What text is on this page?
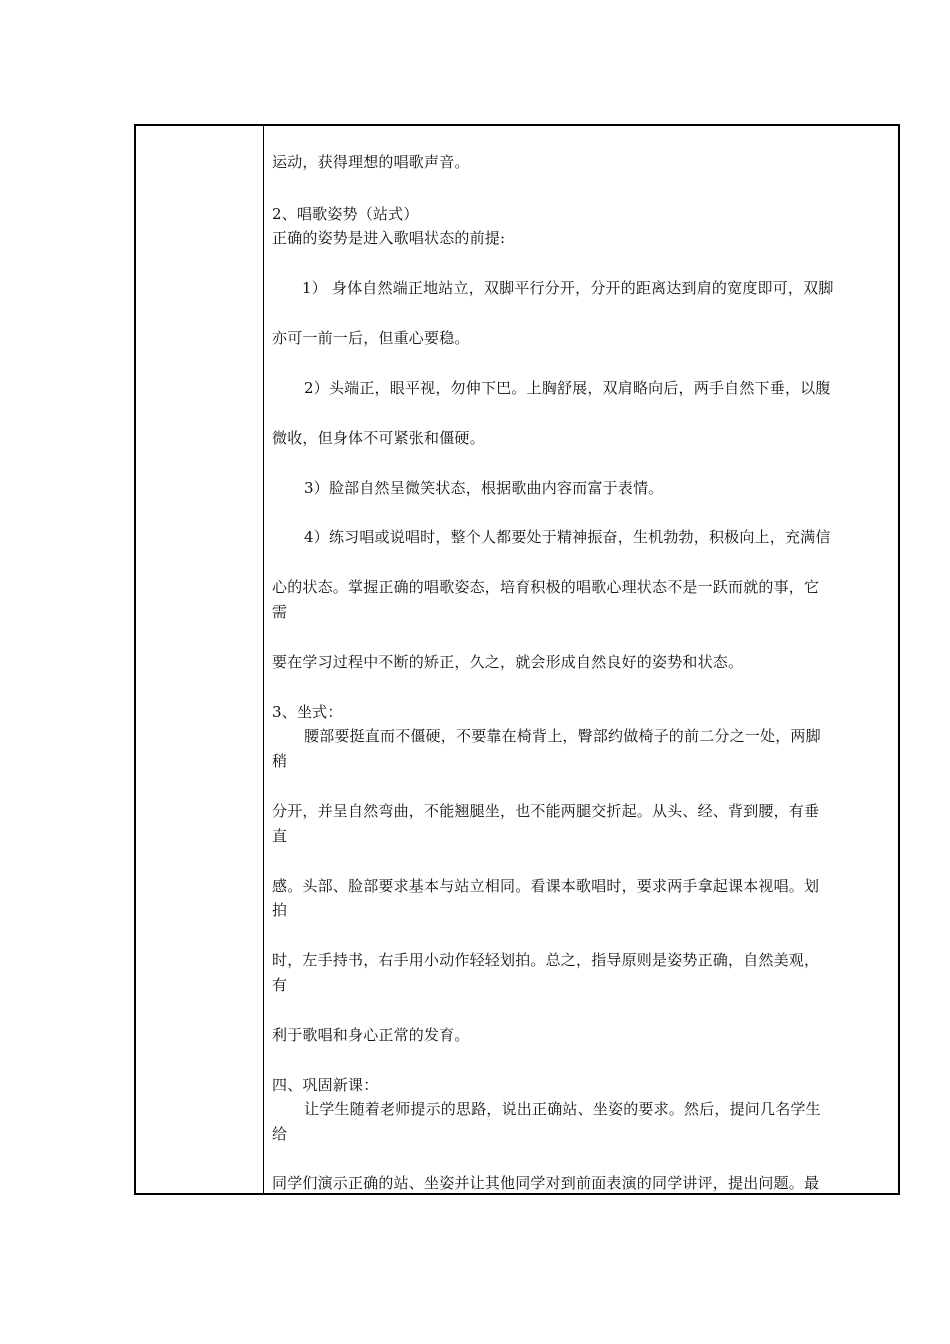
运动，获得理想的唱歌声音。
2、唱歌姿势（站式）
正确的姿势是进入歌唱状态的前提:
1） 身体自然端正地站立，双脚平行分开，分开的距离达到肩的宽度即可，双脚
亦可一前一后，但重心要稳。
2）头端正，眼平视，勿伸下巴。上胸舒展，双肩略向后，两手自然下垂，以腹
微收，但身体不可紧张和僵硬。
3）脸部自然呈微笑状态，根据歌曲内容而富于表情。
4）练习唱或说唱时，整个人都要处于精神振奋，生机勃勃，积极向上，充满信
心的状态。掌握正确的唱歌姿态，培育积极的唱歌心理状态不是一跃而就的事，它
需
要在学习过程中不断的矫正，久之，就会形成自然良好的姿势和状态。
3、坐式：
腰部要挺直而不僵硬，不要靠在椅背上，臀部约做椅子的前二分之一处，两脚
稍
分开，并呈自然弯曲，不能翘腿坐，也不能两腿交折起。从头、经、背到腰，有垂
直
感。头部、脸部要求基本与站立相同。看课本歌唱时，要求两手拿起课本视唱。划
拍
时，左手持书，右手用小动作轻轻划拍。总之，指导原则是姿势正确，自然美观，
有
利于歌唱和身心正常的发育。
四、巩固新课：
让学生随着老师提示的思路，说出正确站、坐姿的要求。然后，提问几名学生
给
同学们演示正确的站、坐姿并让其他同学对到前面表演的同学讲评，提出问题。最
